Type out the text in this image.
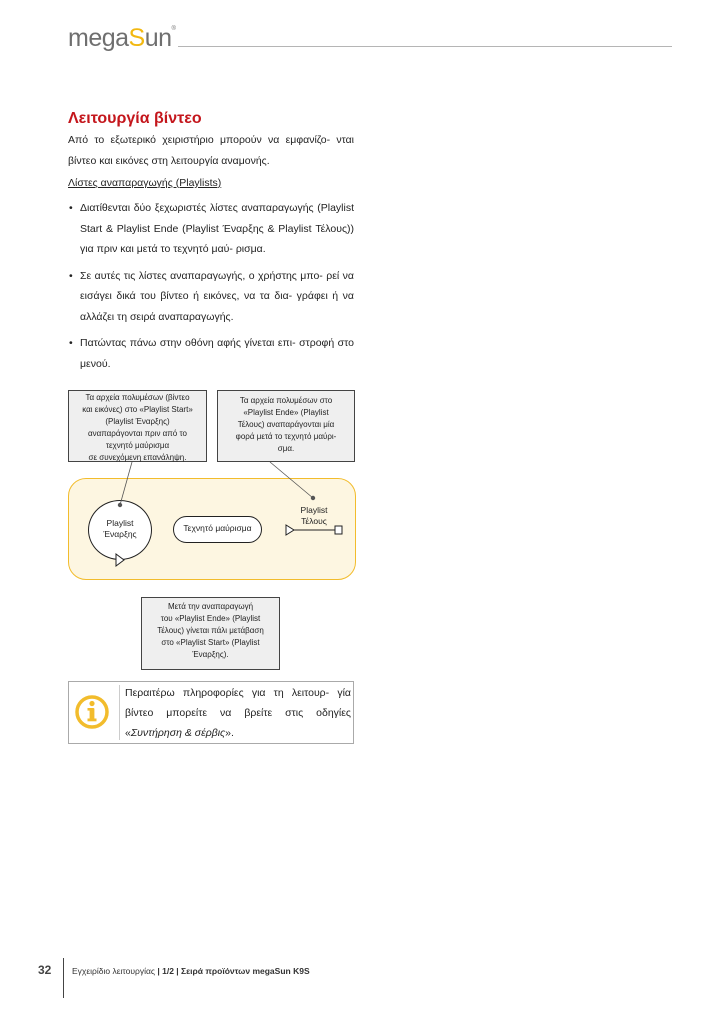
megaSun®
Λειτουργία βίντεο

Από το εξωτερικό χειριστήριο μπορούν να εμφανίζο- νται βίντεο και εικόνες στη λειτουργία αναμονής.

Λίστες αναπαραγωγής (Playlists)

• Διατίθενται δύο ξεχωριστές λίστες αναπαραγωγής (Playlist Start & Playlist Ende (Playlist Έναρξης & Playlist Τέλους)) για πριν και μετά το τεχνητό μαύ- ρισμα.
• Σε αυτές τις λίστες αναπαραγωγής, ο χρήστης μπο- ρεί να εισάγει δικά του βίντεο ή εικόνες, να τα δια- γράφει ή να αλλάζει τη σειρά αναπαραγωγής.
• Πατώντας πάνω στην οθόνη αφής γίνεται επι- στροφή στο μενού.
Τα αρχεία πολυμέσων (βίντεο
και εικόνες) στο «Playlist Start»
(Playlist Έναρξης)
αναπαράγονται πριν από το
τεχνητό μαύρισμα
σε συνεχόμενη επανάληψη.
Τα αρχεία πολυμέσων στο
«Playlist Ende» (Playlist
Τέλους) αναπαράγονται μία
φορά μετά το τεχνητό μαύρι-
σμα.
Playlist
Έναρξης
Τεχνητό μαύρισμα
Playlist
Τέλους
Μετά την αναπαραγωγή
του «Playlist Ende» (Playlist
Τέλους) γίνεται πάλι μετάβαση
στο «Playlist Start» (Playlist
Έναρξης).

Περαιτέρω πληροφορίες για τη λειτουρ- γία βίντεο μπορείτε να βρείτε στις οδηγίες «Συντήρηση & σέρβις».

32 Εγχειρίδιο λειτουργίας | 1/2 | Σειρά προϊόντων megaSun K9S
